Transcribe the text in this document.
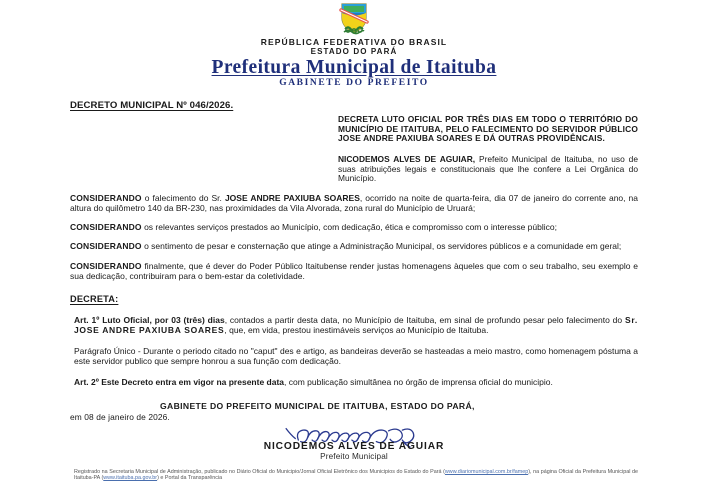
REPÚBLICA FEDERATIVA DO BRASIL
ESTADO DO PARÁ
Prefeitura Municipal de Itaituba
GABINETE DO PREFEITO
DECRETO MUNICIPAL Nº 046/2026.
DECRETA LUTO OFICIAL POR TRÊS DIAS EM TODO O TERRITÓRIO DO MUNICÍPIO DE ITAITUBA, PELO FALECIMENTO DO SERVIDOR PÚBLICO JOSE ANDRE PAXIUBA SOARES E DÁ OUTRAS PROVIDÊNCAIS.
NICODEMOS ALVES DE AGUIAR, Prefeito Municipal de Itaituba, no uso de suas atribuições legais e constitucionais que lhe confere a Lei Orgânica do Município.
CONSIDERANDO o falecimento do Sr. JOSE ANDRE PAXIUBA SOARES, ocorrido na noite de quarta-feira, dia 07 de janeiro do corrente ano, na altura do quilômetro 140 da BR-230, nas proximidades da Vila Alvorada, zona rural do Município de Uruará;
CONSIDERANDO os relevantes serviços prestados ao Município, com dedicação, ética e compromisso com o interesse público;
CONSIDERANDO o sentimento de pesar e consternação que atinge a Administração Municipal, os servidores públicos e a comunidade em geral;
CONSIDERANDO finalmente, que é dever do Poder Público Itaitubense render justas homenagens àqueles que com o seu trabalho, seu exemplo e sua dedicação, contribuiram para o bem-estar da coletividade.
DECRETA:
Art. 1º Luto Oficial, por 03 (três) dias, contados a partir desta data, no Município de Itaituba, em sinal de profundo pesar pelo falecimento do Sr. JOSE ANDRE PAXIUBA SOARES, que, em vida, prestou inestimáveis serviços ao Município de Itaituba.
Parágrafo Único - Durante o periodo citado no "caput" des e artigo, as bandeiras deverão se hasteadas a meio mastro, como homenagem póstuma a este servidor publico que sempre honrou a sua função com dedicação.
Art. 2º Este Decreto entra em vigor na presente data, com publicação simultânea no órgão de imprensa oficial do municipio.
GABINETE DO PREFEITO MUNICIPAL DE ITAITUBA, ESTADO DO PARÁ,
em 08 de janeiro de 2026.
NICODEMOS ALVES DE AGUIAR
Prefeito Municipal
Registrado na Secretaria Municipal de Administração, publicado no Diário Oficial do Municipio/Jornal Oficial Eletrônico dos Municipios do Estado do Pará (www.diariomunicipal.com.br/famep), na página Oficial da Prefeitura Municipal de Itaituba-PA (www.itaituba.pa.gov.br) e Portal da Transparência
